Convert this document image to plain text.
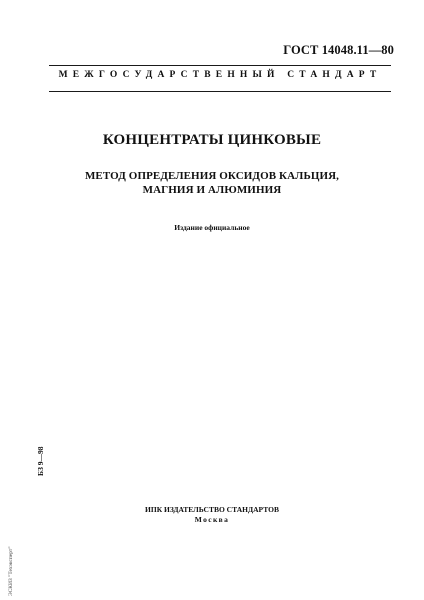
ГОСТ 14048.11—80
МЕЖГОСУДАРСТВЕННЫЙ СТАНДАРТ
КОНЦЕНТРАТЫ ЦИНКОВЫЕ
МЕТОД ОПРЕДЕЛЕНИЯ ОКСИДОВ КАЛЬЦИЯ,
МАГНИЯ И АЛЮМИНИЯ
Издание официальное
БЗ 9—98
ЭСКИЗ "Техэксперт"
ИПК ИЗДАТЕЛЬСТВО СТАНДАРТОВ
Москва
